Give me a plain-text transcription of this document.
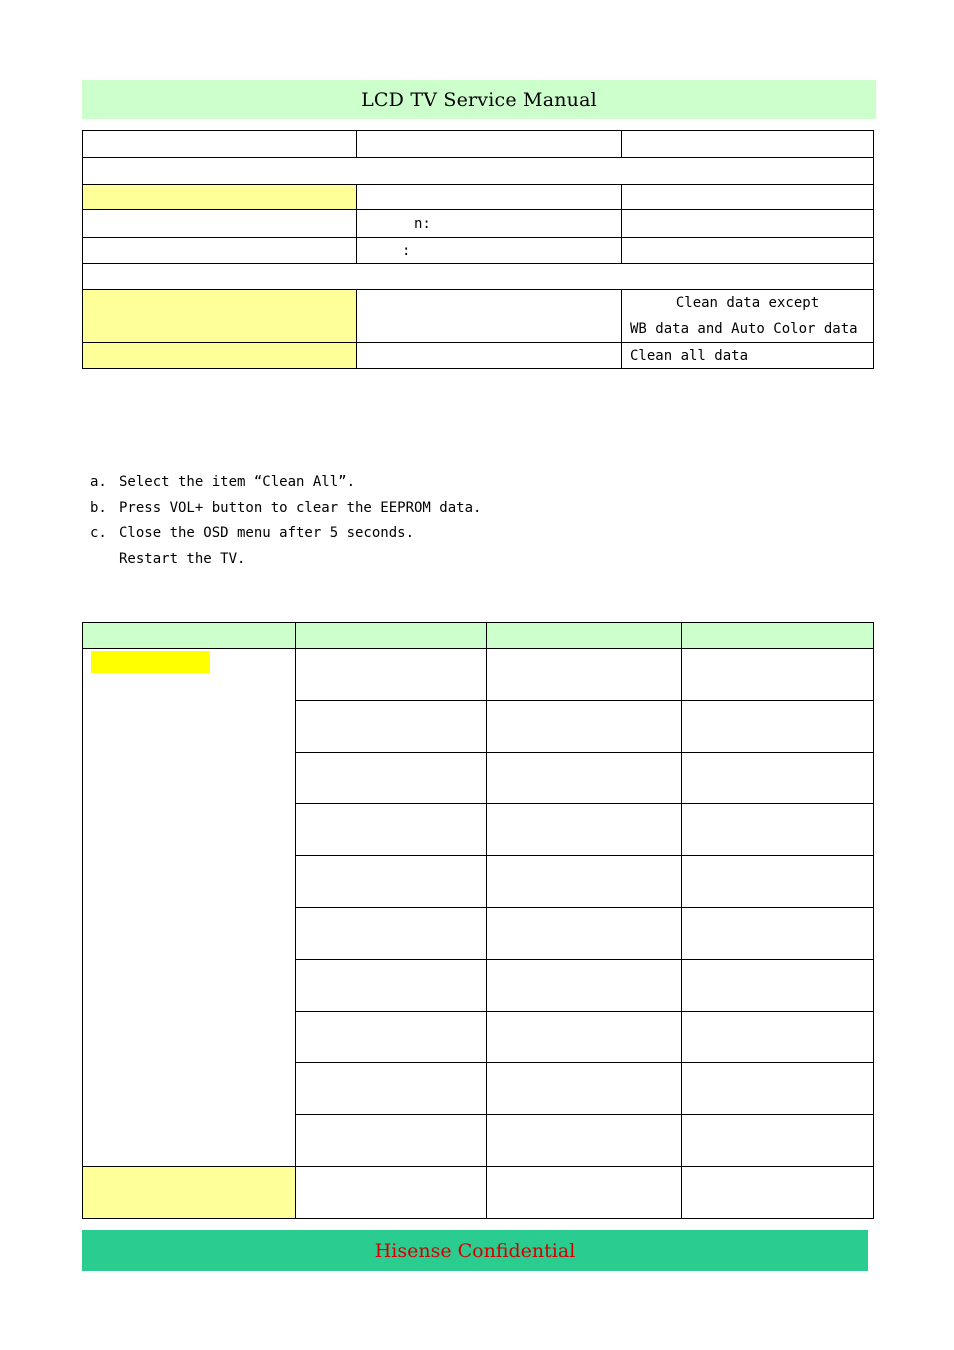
LCD TV Service Manual

	n:	
	:	

		Clean data except
WB data and Auto Color data

		Clean all data
a. Select the item “Clean All”.
b. Press VOL+ button to clear the EEPROM data.
c. Close the OSD menu after 5 seconds.
Restart the TV.

Hisense Confidential
